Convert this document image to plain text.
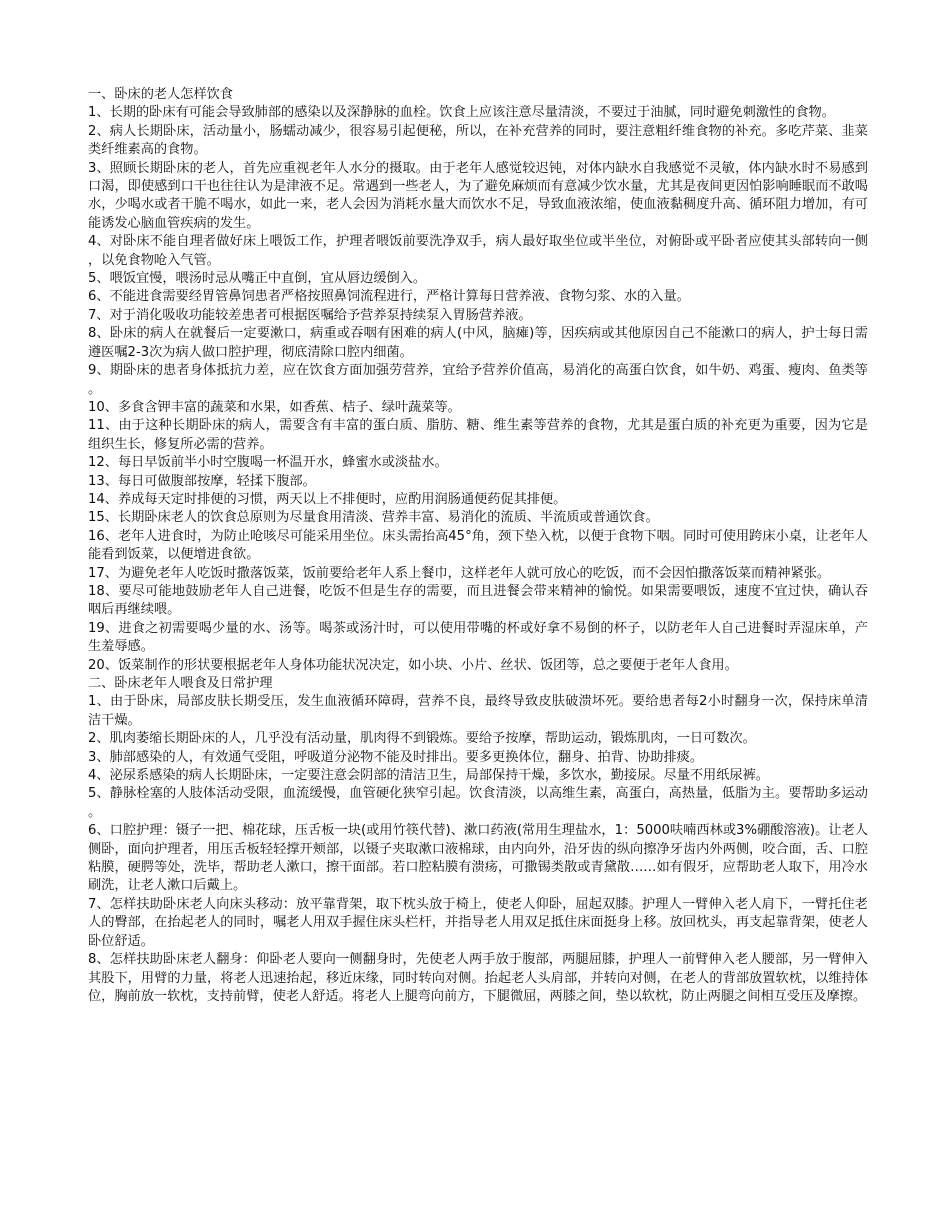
一、卧床的老人怎样饮食

1、长期的卧床有可能会导致肺部的感染以及深静脉的血栓。饮食上应该注意尽量清淡，不要过于油腻，同时避免刺激性的食物。

2、病人长期卧床，活动量小，肠蠕动减少，很容易引起便秘，所以，在补充营养的同时，要注意粗纤维食物的补充。多吃芹菜、韭菜类纤维素高的食物。

3、照顾长期卧床的老人，首先应重视老年人水分的摄取。由于老年人感觉较迟钝，对体内缺水自我感觉不灵敏，体内缺水时不易感到口渴，即使感到口干也往往认为是津液不足。常遇到一些老人，为了避免麻烦而有意减少饮水量，尤其是夜间更因怕影响睡眠而不敢喝水，少喝水或者干脆不喝水，如此一来，老人会因为消耗水量大而饮水不足，导致血液浓缩，使血液黏稠度升高、循环阻力增加，有可能诱发心脑血管疾病的发生。

4、对卧床不能自理者做好床上喂饭工作，护理者喂饭前要洗净双手，病人最好取坐位或半坐位，对俯卧或平卧者应使其头部转向一侧，以免食物呛入气管。

5、喂饭宜慢，喂汤时忌从嘴正中直倒，宜从唇边缓倒入。

6、不能进食需要经胃管鼻饲患者严格按照鼻饲流程进行，严格计算每日营养液、食物匀浆、水的入量。

7、对于消化吸收功能较差患者可根据医嘱给予营养泵持续泵入胃肠营养液。

8、卧床的病人在就餐后一定要漱口，病重或吞咽有困难的病人(中风，脑瘫)等，因疾病或其他原因自己不能漱口的病人，护士每日需遵医嘱2-3次为病人做口腔护理，彻底清除口腔内细菌。

9、期卧床的患者身体抵抗力差，应在饮食方面加强劳营养，宜给予营养价值高，易消化的高蛋白饮食，如牛奶、鸡蛋、瘦肉、鱼类等。

10、多食含钾丰富的蔬菜和水果，如香蕉、桔子、绿叶蔬菜等。

11、由于这种长期卧床的病人，需要含有丰富的蛋白质、脂肪、糖、维生素等营养的食物，尤其是蛋白质的补充更为重要，因为它是组织生长，修复所必需的营养。

12、每日早饭前半小时空腹喝一杯温开水，蜂蜜水或淡盐水。

13、每日可做腹部按摩，轻揉下腹部。

14、养成每天定时排便的习惯，两天以上不排便时，应酌用润肠通便药促其排便。

15、长期卧床老人的饮食总原则为尽量食用清淡、营养丰富、易消化的流质、半流质或普通饮食。

16、老年人进食时，为防止呛咳尽可能采用坐位。床头需抬高45°角，颈下垫入枕，以便于食物下咽。同时可使用跨床小桌，让老年人能看到饭菜，以便增进食欲。

17、为避免老年人吃饭时撒落饭菜，饭前要给老年人系上餐巾，这样老年人就可放心的吃饭，而不会因怕撒落饭菜而精神紧张。

18、要尽可能地鼓励老年人自己进餐，吃饭不但是生存的需要，而且进餐会带来精神的愉悦。如果需要喂饭，速度不宜过快，确认吞咽后再继续喂。

19、进食之初需要喝少量的水、汤等。喝茶或汤汁时，可以使用带嘴的杯或好拿不易倒的杯子，以防老年人自己进餐时弄湿床单，产生羞辱感。

20、饭菜制作的形状要根据老年人身体功能状况决定，如小块、小片、丝状、饭团等，总之要便于老年人食用。

二、卧床老年人喂食及日常护理

1、由于卧床，局部皮肤长期受压，发生血液循环障碍，营养不良，最终导致皮肤破溃坏死。要给患者每2小时翻身一次，保持床单清洁干燥。

2、肌肉萎缩长期卧床的人，几乎没有活动量，肌肉得不到锻炼。要给予按摩，帮助运动，锻炼肌肉，一日可数次。

3、肺部感染的人，有效通气受阻，呼吸道分泌物不能及时排出。要多更换体位，翻身、拍背、协助排痰。

4、泌尿系感染的病人长期卧床，一定要注意会阴部的清洁卫生，局部保持干燥，多饮水，勤接尿。尽量不用纸尿裤。

5、静脉栓塞的人肢体活动受限，血流缓慢，血管硬化狭窄引起。饮食清淡，以高维生素，高蛋白，高热量，低脂为主。要帮助多运动。

6、口腔护理：镊子一把、棉花球，压舌板一块(或用竹筷代替)、漱口药液(常用生理盐水，1：5000呋喃西林或3%硼酸溶液)。让老人侧卧，面向护理者，用压舌板轻轻撑开颊部，以镊子夹取漱口液棉球，由内向外，沿牙齿的纵向擦净牙齿内外两侧，咬合面，舌、口腔粘膜，硬腭等处，洗毕，帮助老人漱口，擦干面部。若口腔粘膜有溃疡，可撒锡类散或青黛散……如有假牙，应帮助老人取下，用冷水刷洗，让老人漱口后戴上。

7、怎样扶助卧床老人向床头移动：放平靠背架，取下枕头放于椅上，使老人仰卧，屈起双膝。护理人一臂伸入老人肩下，一臂托住老人的臀部，在抬起老人的同时，嘱老人用双手握住床头栏杆，并指导老人用双足抵住床面挺身上移。放回枕头，再支起靠背架，使老人卧位舒适。

8、怎样扶助卧床老人翻身：仰卧老人要向一侧翻身时，先使老人两手放于腹部，两腿屈膝，护理人一前臂伸入老人腰部，另一臂伸入其股下，用臂的力量，将老人迅速抬起，移近床缘，同时转向对侧。抬起老人头肩部，并转向对侧，在老人的背部放置软枕，以维持体位，胸前放一软枕，支持前臂，使老人舒适。将老人上腿弯向前方，下腿微屈，两膝之间，垫以软枕，防止两腿之间相互受压及摩擦。
